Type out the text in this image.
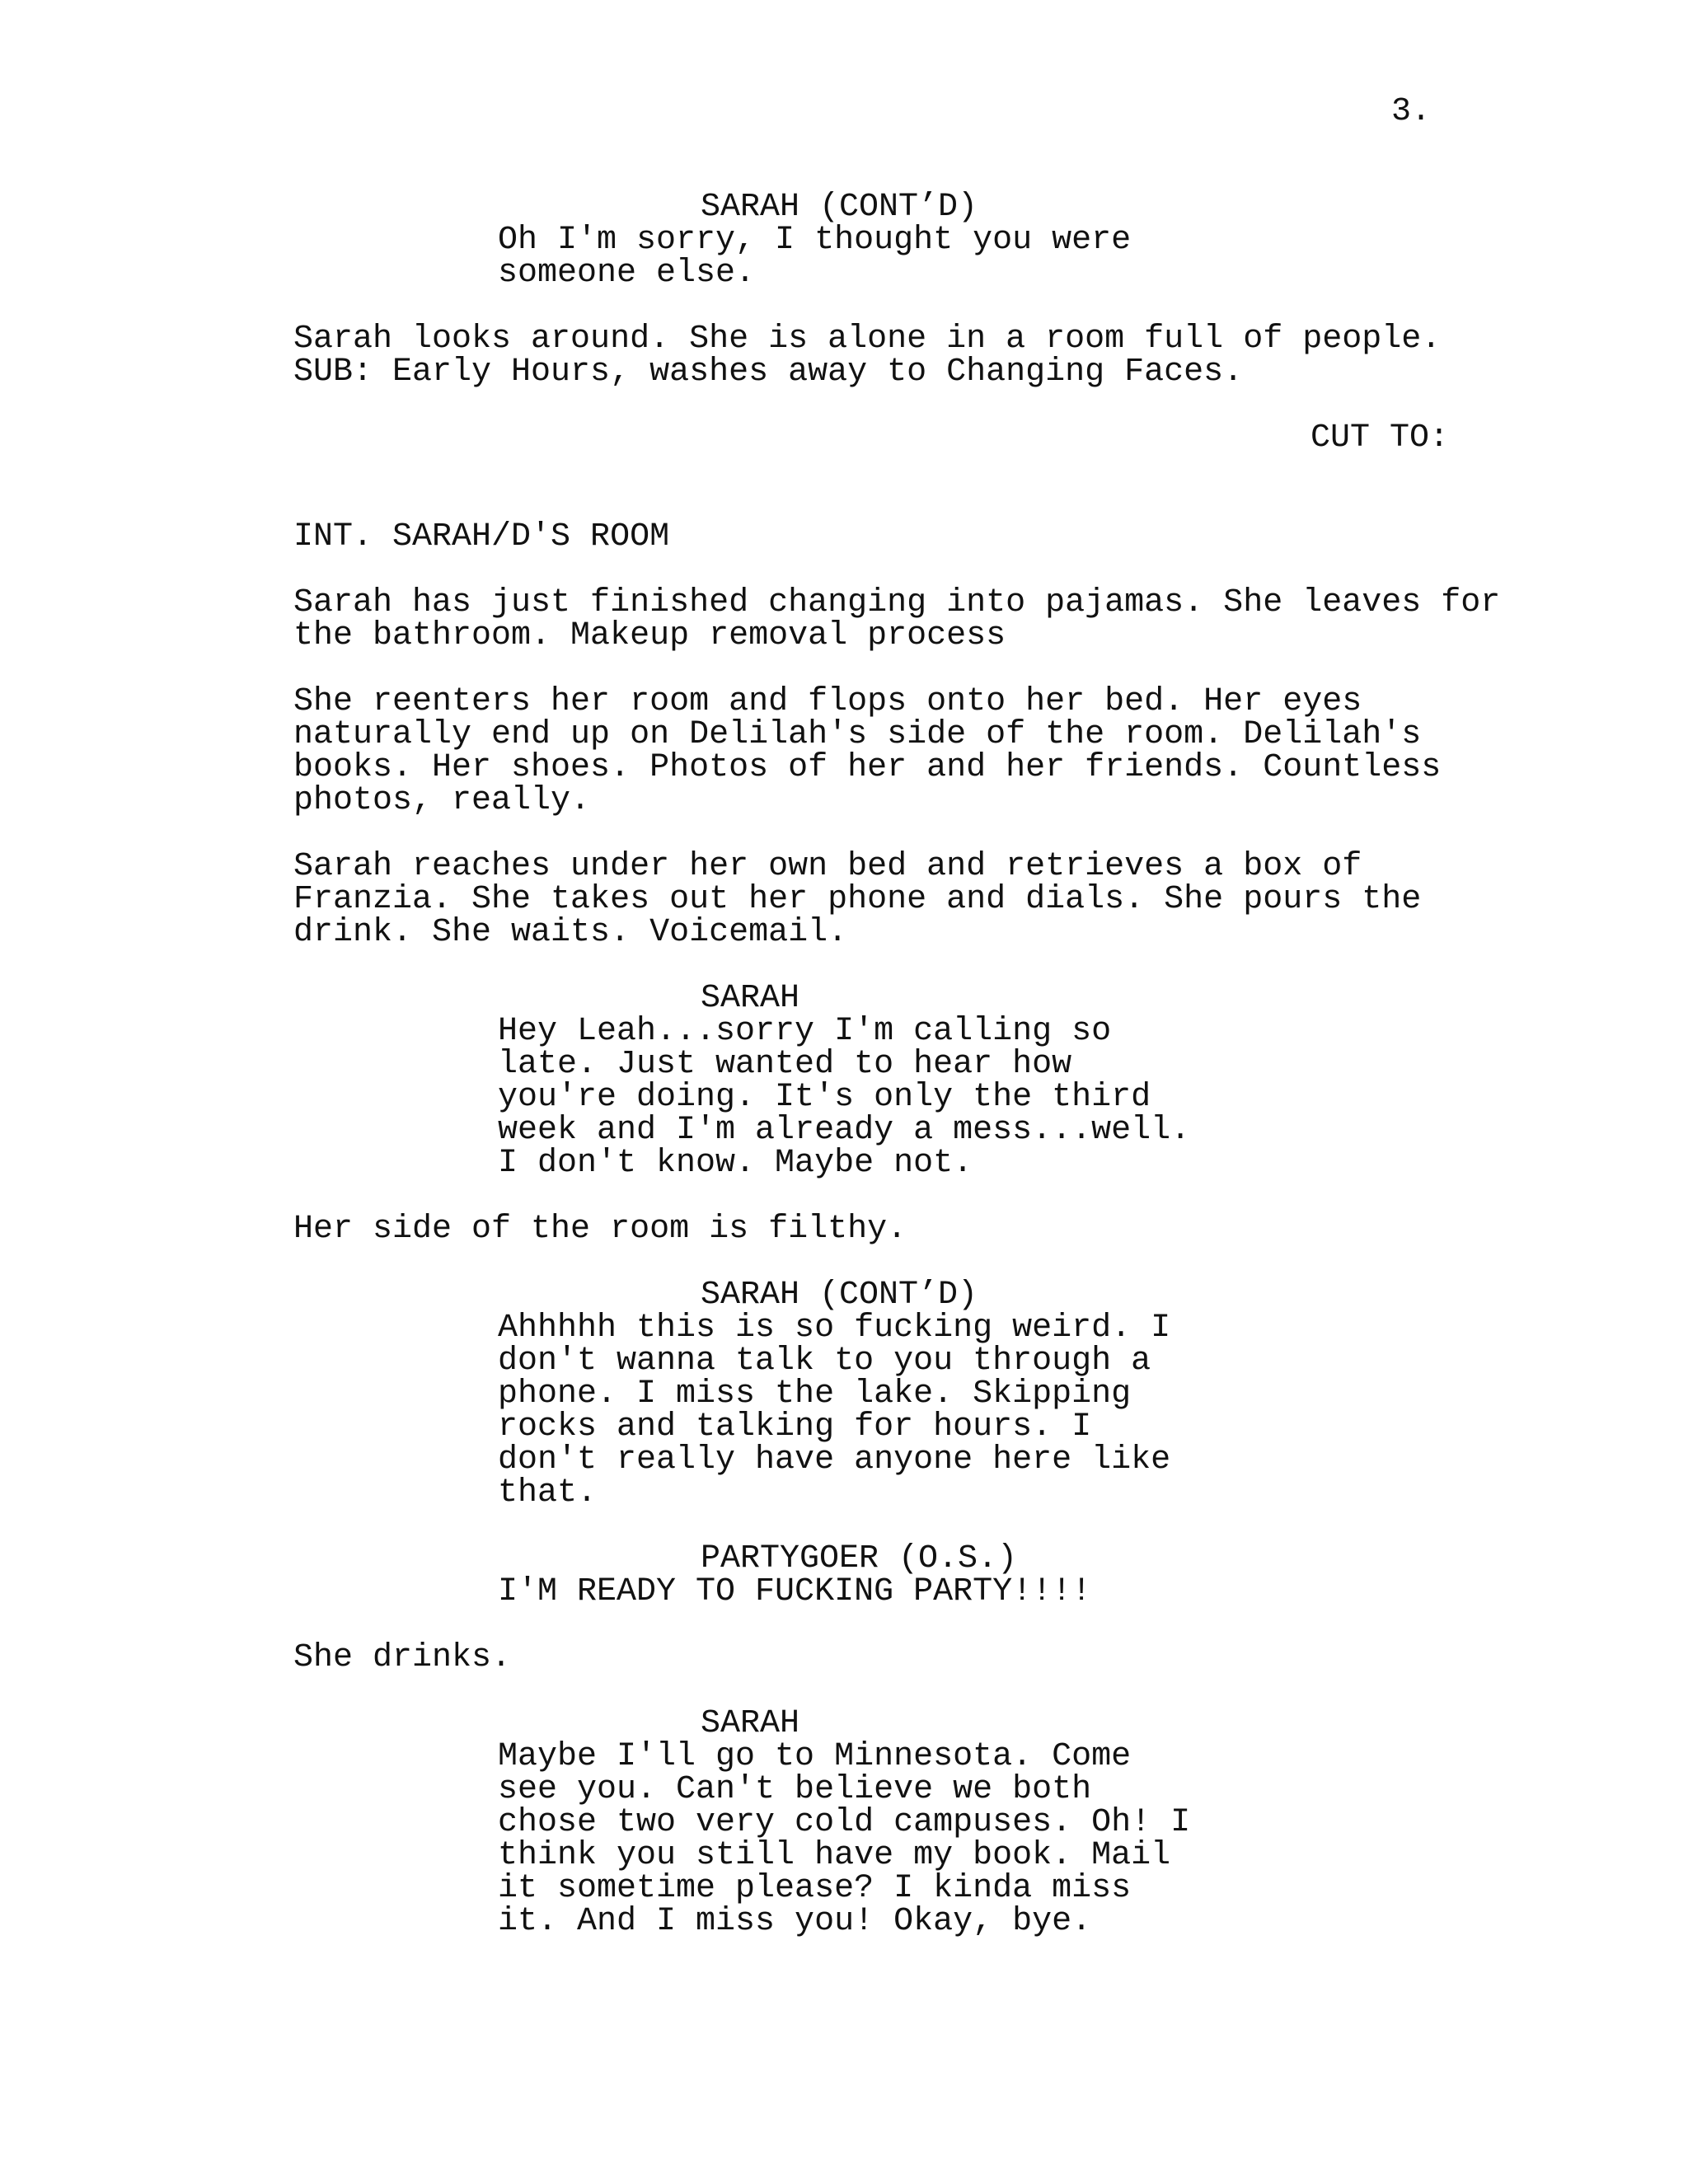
3.
SARAH (CONT’D)
Oh I'm sorry, I thought you were
someone else.
Sarah looks around. She is alone in a room full of people.
SUB: Early Hours, washes away to Changing Faces.
CUT TO:
INT. SARAH/D'S ROOM
Sarah has just finished changing into pajamas. She leaves for
the bathroom. Makeup removal process
She reenters her room and flops onto her bed. Her eyes
naturally end up on Delilah's side of the room. Delilah's
books. Her shoes. Photos of her and her friends. Countless
photos, really.
Sarah reaches under her own bed and retrieves a box of
Franzia. She takes out her phone and dials. She pours the
drink. She waits. Voicemail.
SARAH
Hey Leah...sorry I'm calling so
late. Just wanted to hear how
you're doing. It's only the third
week and I'm already a mess...well.
I don't know. Maybe not.
Her side of the room is filthy.
SARAH (CONT’D)
Ahhhhh this is so fucking weird. I
don't wanna talk to you through a
phone. I miss the lake. Skipping
rocks and talking for hours. I
don't really have anyone here like
that.
PARTYGOER (O.S.)
I'M READY TO FUCKING PARTY!!!!
She drinks.
SARAH
Maybe I'll go to Minnesota. Come
see you. Can't believe we both
chose two very cold campuses. Oh! I
think you still have my book. Mail
it sometime please? I kinda miss
it. And I miss you! Okay, bye.
